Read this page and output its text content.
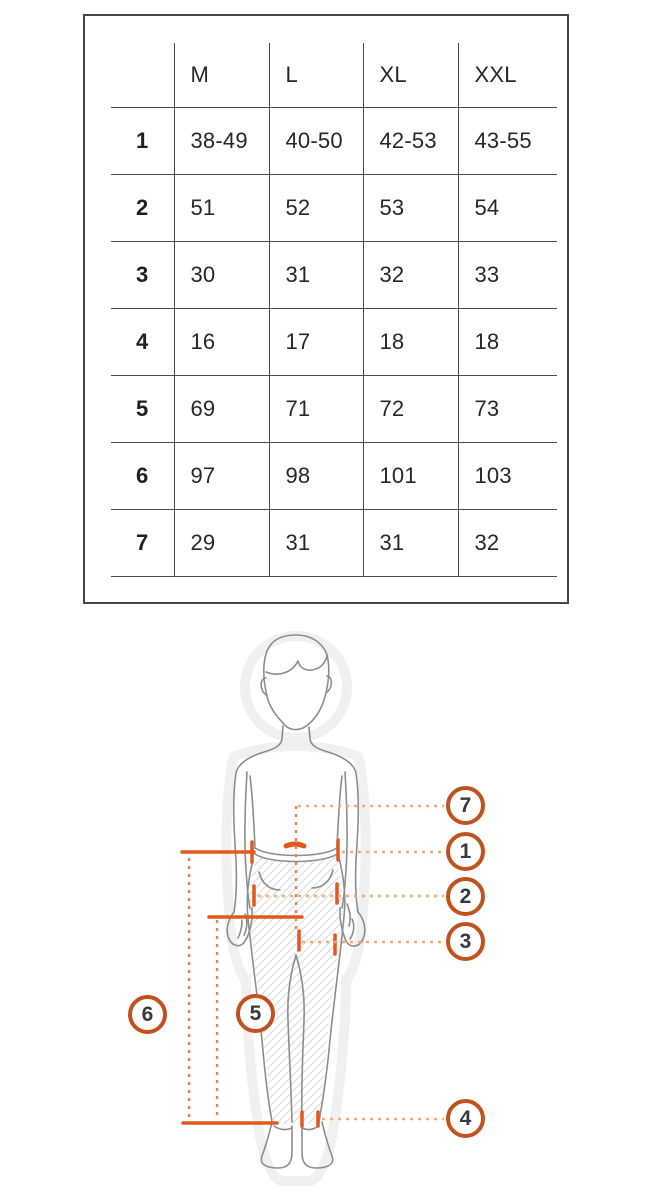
	M	L	XL	XXL
1	38-49	40-50	42-53	43-55
2	51	52	53	54
3	30	31	32	33
4	16	17	18	18
5	69	71	72	73
6	97	98	101	103
7	29	31	31	32
7
1
2
3
4
5
6
